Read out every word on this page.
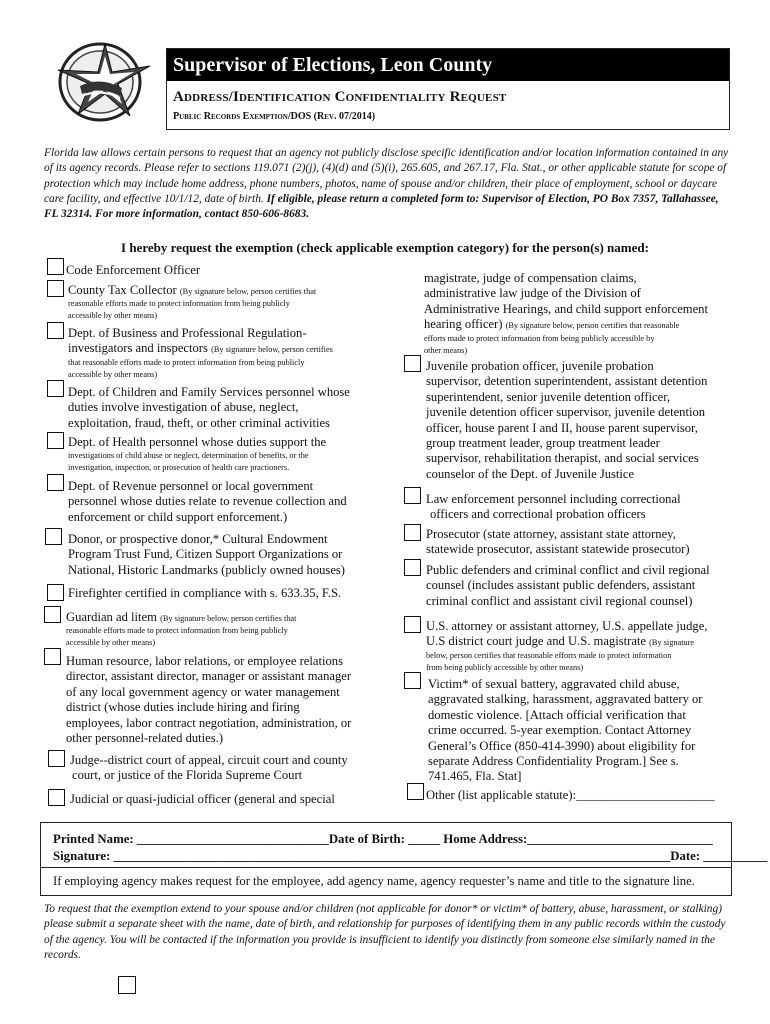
Supervisor of Elections, Leon County
Address/Identification Confidentiality Request
Public Records Exemption/DOS (Rev. 07/2014)
Florida law allows certain persons to request that an agency not publicly disclose specific identification and/or location information contained in any of its agency records. Please refer to sections 119.071 (2)(j), (4)(d) and (5)(i), 265.605, and 267.17, Fla. Stat., or other applicable statute for scope of protection which may include home address, phone numbers, photos, name of spouse and/or children, their place of employment, school or daycare care facility, and effective 10/1/12, date of birth. If eligible, please return a completed form to: Supervisor of Election, PO Box 7357, Tallahassee, FL 32314. For more information, contact 850-606-8683.
I hereby request the exemption (check applicable exemption category) for the person(s) named:
Code Enforcement Officer
County Tax Collector (By signature below, person certifies that
reasonable efforts made to protect information from being publicly
accessible by other means)
Dept. of Business and Professional Regulation-
investigators and inspectors (By signature below, person certifies
that reasonable efforts made to protect information from being publicly
accessible by other means)
Dept. of Children and Family Services personnel whose
duties involve investigation of abuse, neglect,
exploitation, fraud, theft, or other criminal activities
Dept. of Health personnel whose duties support the
investigations of child abuse or neglect, determination of benefits, or the
investigation, inspection, or prosecution of health care practioners.
Dept. of Revenue personnel or local government
personnel whose duties relate to revenue collection and
enforcement or child support enforcement.)
Donor, or prospective donor,* Cultural Endowment
Program Trust Fund, Citizen Support Organizations or
National, Historic Landmarks (publicly owned houses)
Firefighter certified in compliance with s. 633.35, F.S.
Guardian ad litem (By signature below, person certifies that
reasonable efforts made to protect information from being publicly
accessible by other means)
Human resource, labor relations, or employee relations
director, assistant director, manager or assistant manager
of any local government agency or water management
district (whose duties include hiring and firing
employees, labor contract negotiation, administration, or
other personnel-related duties.)
Judge--district court of appeal, circuit court and county
court, or justice of the Florida Supreme Court
Judicial or quasi-judicial officer (general and special
magistrate, judge of compensation claims,
administrative law judge of the Division of
Administrative Hearings, and child support enforcement
hearing officer) (By signature below, person certifies that reasonable
efforts made to protect information from being publicly accessible by
other means)
Juvenile probation officer, juvenile probation
supervisor, detention superintendent, assistant detention
superintendent, senior juvenile detention officer,
juvenile detention officer supervisor, juvenile detention
officer, house parent I and II, house parent supervisor,
group treatment leader, group treatment leader
supervisor, rehabilitation therapist, and social services
counselor of the Dept. of Juvenile Justice
Law enforcement personnel including correctional
officers and correctional probation officers
Prosecutor (state attorney, assistant state attorney,
statewide prosecutor, assistant statewide prosecutor)
Public defenders and criminal conflict and civil regional
counsel (includes assistant public defenders, assistant
criminal conflict and assistant civil regional counsel)
U.S. attorney or assistant attorney, U.S. appellate judge,
U.S district court judge and U.S. magistrate (By signature
below, person certifies that reasonable efforts made to protect information
from being publicly accessible by other means)
Victim* of sexual battery, aggravated child abuse,
aggravated stalking, harassment, aggravated battery or
domestic violence. [Attach official verification that
crime occurred. 5-year exemption. Contact Attorney
General’s Office (850-414-3990) about eligibility for
separate Address Confidentiality Program.] See s.
741.465, Fla. Stat]
Other (list applicable statute):______________________
Printed Name: ______________________________Date of Birth: _____ Home Address:_____________________________
Signature: _______________________________________________________________________________________Date: __________
If employing agency makes request for the employee, add agency name, agency requester’s name and title to the signature line.
To request that the exemption extend to your spouse and/or children (not applicable for donor* or victim* of battery, abuse, harassment, or stalking) please submit a separate sheet with the name, date of birth, and relationship for purposes of identifying them in any public records within the custody of the agency. You will be contacted if the information you provide is insufficient to identify you distinctly from someone else similarly named in the records.
